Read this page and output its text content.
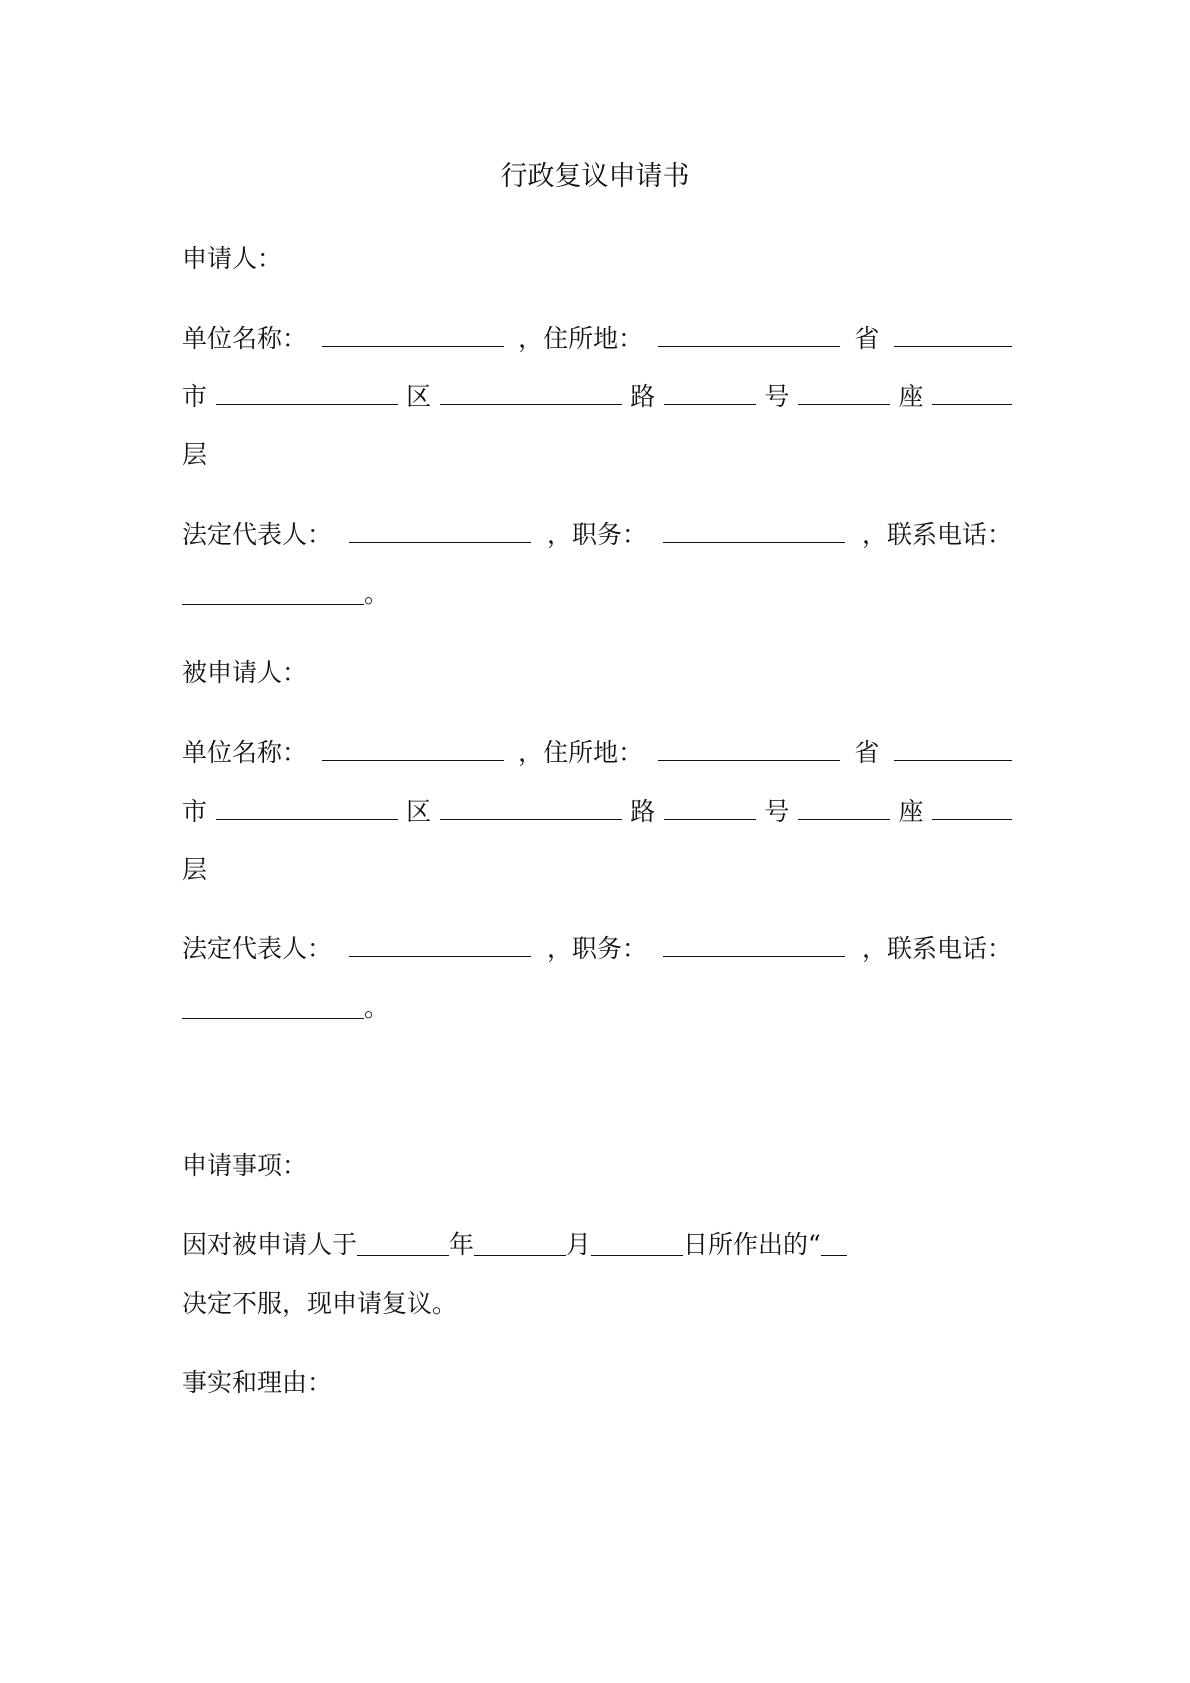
行政复议申请书
申请人：
单位名称：	，住所地：	省
市	区	路	号	座
层
法定代表人：	，职务：	，联系电话：
。
被申请人：
单位名称：	，住所地：	省
市	区	路	号	座
层
法定代表人：	，职务：	，联系电话：
。
申请事项：
因对被申请人于	年	月	日所作出的“
决定不服，现申请复议。
事实和理由：
